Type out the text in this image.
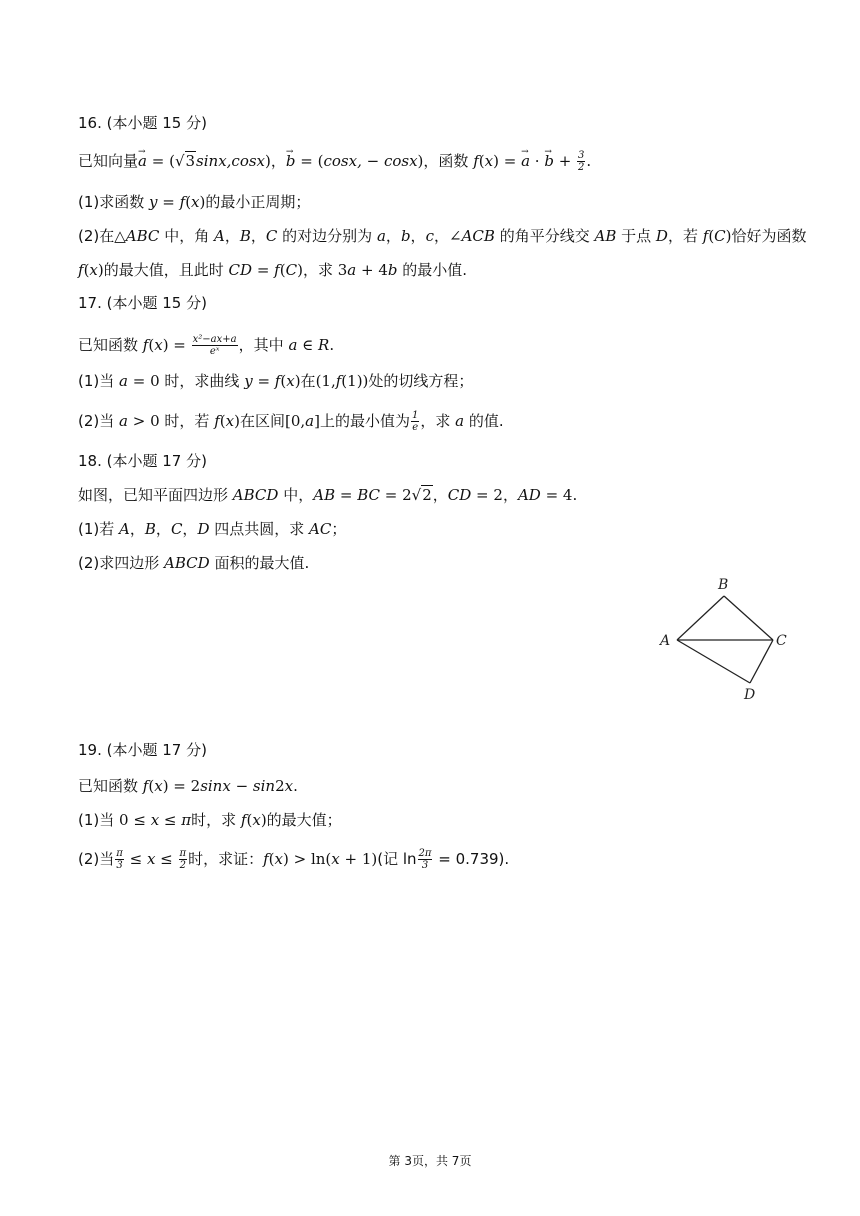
16. (本小题 15 分)
已知向量→ a = (√3sinx,cosx)，→ b = (cosx, − cosx)，函数 f(x) = → a · → $b + \frac{3}{2}$ .
(1)求函数 y = f(x)的最小正周期；
(2)在△ABC 中，角 A，B，C 的对边分别为 a，b，c，∠ACB 的角平分线交 AB 于点 D，若 f(C)恰好为函数
f(x)的最大值，且此时 CD = f(C)，求 3a + 4b 的最小值.
17. (本小题 15 分)
已知函数 $f(x) = \frac{\text{x²−ax+a}}{\text{eˣ}}$ ，其中 a ∈ R.
(1)当 a = 0 时，求曲线 y = f(x)在(1,f(1))处的切线方程；
(2)当 a > 0 时，若 f(x)在区间[0,a]上的最小值为 $\frac{1}{e}$ ，求 a 的值.
18. (本小题 17 分)
如图，已知平面四边形 ABCD 中，AB = BC = 2√2，CD = 2，AD = 4.
(1)若 A，B，C，D 四点共圆，求 AC；
(2)求四边形 ABCD 面积的最大值.
B
A	C
D
19. (本小题 17 分)
已知函数 f(x) = 2sinx − sin2x.
(1)当 0 ≤ x ≤ π时，求 f(x)的最大值；
(2)当 $\frac{\pi}{3} \le x \le \frac{\pi}{2}$ 时，求证：f(x) > ln(x + 1)(记 $\ln \frac{2\pi}{3} = 0.739$).
第 3页，共 7页
